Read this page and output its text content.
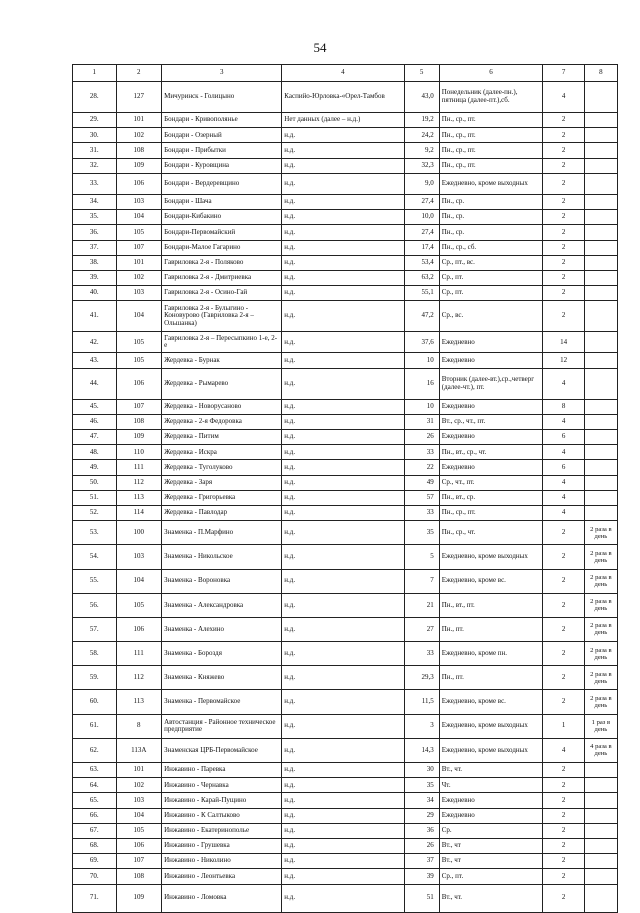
54
1	2	3	4	5	6	7	8
28.	127	Мичуринск - Голицыно	Каспийо-Юрловка-«Орел-Тамбов	43,0	Понедельник (далее-пн.), пятница (далее-пт.),сб.	4	
29.	101	Бондари - Кривополянье	Нет данных (далее – н.д.)	19,2	Пн., ср., пт.	2	
30.	102	Бондари - Озерный	н.д.	24,2	Пн., ср., пт.	2	
31.	108	Бондари - Прибытки	н.д.	9,2	Пн., ср., пт.	2	
32.	109	Бондари - Куровщина	н.д.	32,3	Пн., ср., пт.	2	
33.	106	Бондари - Вердеревщино	н.д.	9,0	Ежедневно, кроме выходных	2	
34.	103	Бондари - Шача	н.д.	27,4	Пн., ср.	2	
35.	104	Бондари-Кибакино	н.д.	10,0	Пн., ср.	2	
36.	105	Бондари-Первомайский	н.д.	27,4	Пн., ср.	2	
37.	107	Бондари-Малое Гагарино	н.д.	17,4	Пн., ср., сб.	2	
38.	101	Гавриловка 2-я - Поляково	н.д.	53,4	Ср., пт., вс.	2	
39.	102	Гавриловка 2-я - Дмитриевка	н.д.	63,2	Ср., пт.	2	
40.	103	Гавриловка 2-я - Осино-Гай	н.д.	55,1	Ср., пт.	2	
41.	104	Гавриловка 2-я - Булыгино - Коновурово (Гавриловка 2-я – Ольшанка)	н.д.	47,2	Ср., вс.	2	
42.	105	Гавриловка 2-я – Пересыпкино 1-е, 2-е	н.д.	37,6	Ежедневно	14	
43.	105	Жердевка - Бурнак	н.д.	10	Ежедневно	12	
44.	106	Жердевка - Рымарево	н.д.	16	Вторник (далее-вт.),ср.,четверг (далее-чт.), пт.	4	
45.	107	Жердевка - Новорусаново	н.д.	10	Ежедневно	8	
46.	108	Жердевка - 2-я Федоровка	н.д.	31	Вт., ср., чт., пт.	4	
47.	109	Жердевка - Питим	н.д.	26	Ежедневно	6	
48.	110	Жердевка - Искра	н.д.	33	Пн., вт., ср., чт.	4	
49.	111	Жердевка - Туголуково	н.д.	22	Ежедневно	6	
50.	112	Жердевка - Заря	н.д.	49	Ср., чт., пт.	4	
51.	113	Жердевка - Григорьевка	н.д.	57	Пн., вт., ср.	4	
52.	114	Жердевка - Павлодар	н.д.	33	Пн., ср., пт.	4	
53.	100	Знаменка - П.Марфино	н.д.	35	Пн., ср., чт.	2	2 раза в день
54.	103	Знаменка - Никольское	н.д.	5	Ежедневно, кроме выходных	2	2 раза в день
55.	104	Знаменка - Вороновка	н.д.	7	Ежедневно, кроме вс.	2	2 раза в день
56.	105	Знаменка - Александровка	н.д.	21	Пн., вт., пт.	2	2 раза в день
57.	106	Знаменка - Алехино	н.д.	27	Пн., пт.	2	2 раза в день
58.	111	Знаменка - Бороздя	н.д.	33	Ежедневно, кроме пн.	2	2 раза в день
59.	112	Знаменка - Княжево	н.д.	29,3	Пн., пт.	2	2 раза в день
60.	113	Знаменка - Первомайское	н.д.	11,5	Ежедневно, кроме вс.	2	2 раза в день
61.	8	Автостанция - Районное техническое предприятие	н.д.	3	Ежедневно, кроме выходных	1	1 раз в день
62.	113А	Знаменская ЦРБ-Первомайское	н.д.	14,3	Ежедневно, кроме выходных	4	4 раза в день
63.	101	Инжавино - Паревка	н.д.	30	Вт., чт.	2	
64.	102	Инжавино - Чернавка	н.д.	35	Чт.	2	
65.	103	Инжавино - Карай-Пущино	н.д.	34	Ежедневно	2	
66.	104	Инжавино - К Салтыково	н.д.	29	Ежедневно	2	
67.	105	Инжавино - Екатеринополье	н.д.	36	Ср.	2	
68.	106	Инжавино - Грушевка	н.д.	26	Вт., чт	2	
69.	107	Инжавино - Николино	н.д.	37	Вт., чт	2	
70.	108	Инжавино - Леонтьевка	н.д.	39	Ср., пт.	2	
71.	109	Инжавино - Ломовка	н.д.	51	Вт., чт.	2	
